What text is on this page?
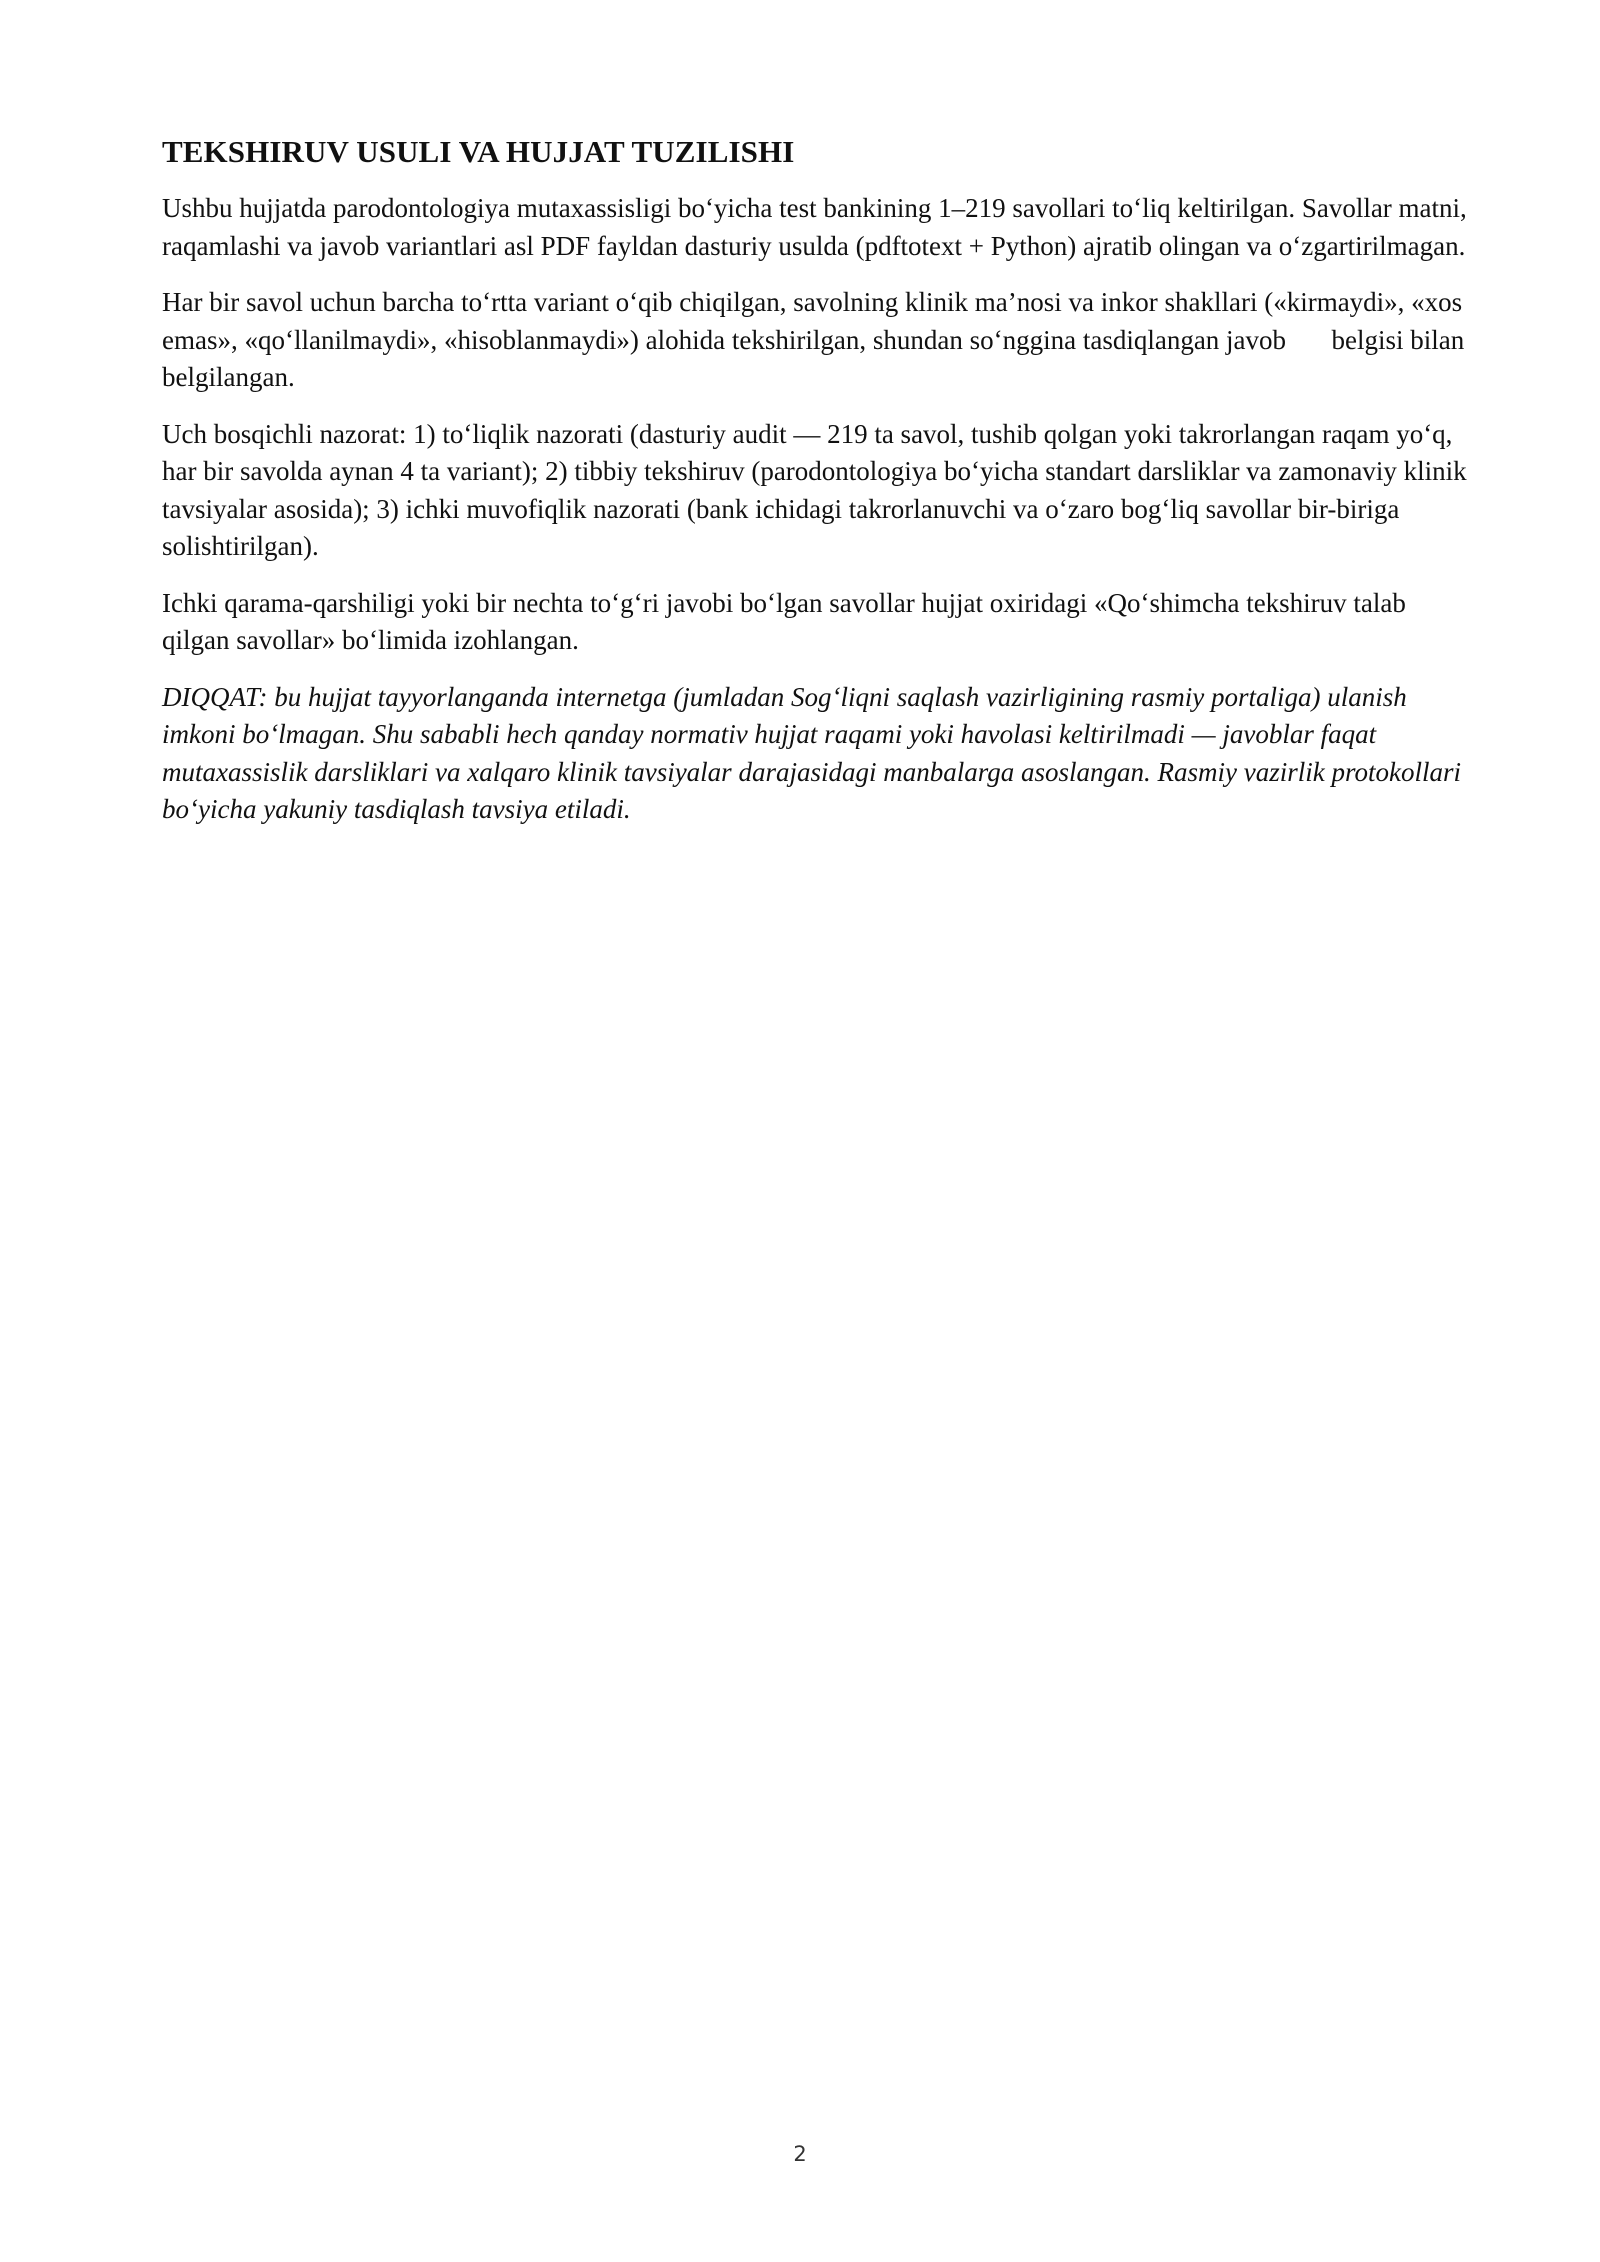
TEKSHIRUV USULI VA HUJJAT TUZILISHI

Ushbu hujjatda parodontologiya mutaxassisligi bo‘yicha test bankining 1–219 savollari to‘liq keltirilgan. Savollar matni, raqamlashi va javob variantlari asl PDF fayldan dasturiy usulda (pdftotext + Python) ajratib olingan va o‘zgartirilmagan.

Har bir savol uchun barcha to‘rtta variant o‘qib chiqilgan, savolning klinik ma’nosi va inkor shakllari («kirmaydi», «xos emas», «qo‘llanilmaydi», «hisoblanmaydi») alohida tekshirilgan, shundan so‘nggina tasdiqlangan javob belgisi bilan belgilangan.

Uch bosqichli nazorat: 1) to‘liqlik nazorati (dasturiy audit — 219 ta savol, tushib qolgan yoki takrorlangan raqam yo‘q, har bir savolda aynan 4 ta variant); 2) tibbiy tekshiruv (parodontologiya bo‘yicha standart darsliklar va zamonaviy klinik tavsiyalar asosida); 3) ichki muvofiqlik nazorati (bank ichidagi takrorlanuvchi va o‘zaro bog‘liq savollar bir-biriga solishtirilgan).

Ichki qarama-qarshiligi yoki bir nechta to‘g‘ri javobi bo‘lgan savollar hujjat oxiridagi «Qo‘shimcha tekshiruv talab qilgan savollar» bo‘limida izohlangan.

DIQQAT: bu hujjat tayyorlanganda internetga (jumladan Sog‘liqni saqlash vazirligining rasmiy portaliga) ulanish imkoni bo‘lmagan. Shu sababli hech qanday normativ hujjat raqami yoki havolasi keltirilmadi — javoblar faqat mutaxassislik darsliklari va xalqaro klinik tavsiyalar darajasidagi manbalarga asoslangan. Rasmiy vazirlik protokollari bo‘yicha yakuniy tasdiqlash tavsiya etiladi.

2
